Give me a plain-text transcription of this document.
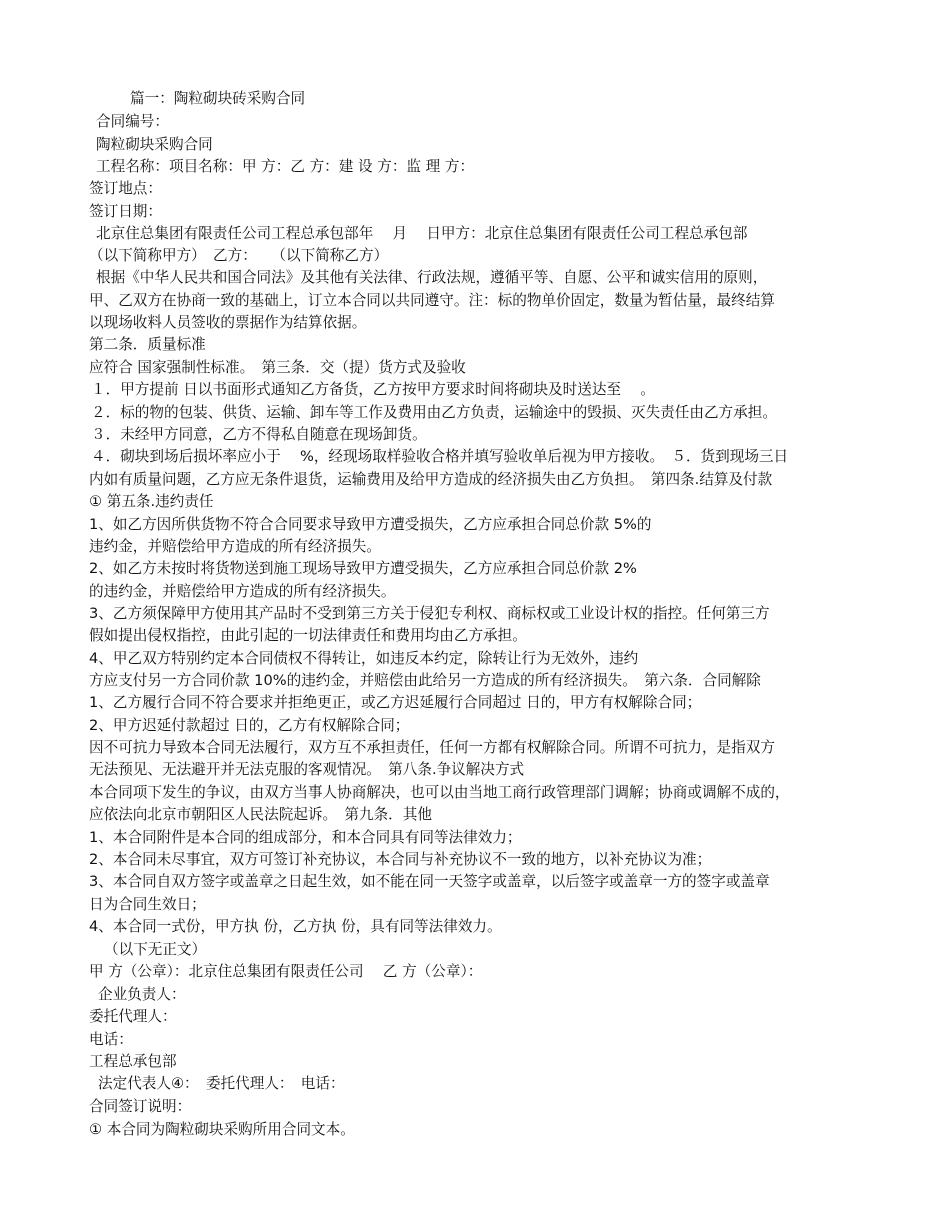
篇一：陶粒砌块砖采购合同
合同编号：
陶粒砌块采购合同
工程名称：项目名称：甲 方：乙 方：建 设 方：监 理 方：
签订地点：
签订日期：
北京住总集团有限责任公司工程总承包部年　 月　 日甲方：北京住总集团有限责任公司工程总承包部
（以下简称甲方）　乙方：　　（以下简称乙方）
根据《中华人民共和国合同法》及其他有关法律、行政法规，遵循平等、自愿、公平和诚实信用的原则，
甲、乙双方在协商一致的基础上，订立本合同以共同遵守。注：标的物单价固定，数量为暂估量，最终结算
以现场收料人员签收的票据作为结算依据。
第二条．质量标准
应符合 国家强制性标准。　第三条．交（提）货方式及验收
１．甲方提前 日以书面形式通知乙方备货，乙方按甲方要求时间将砌块及时送达至　 。
２．标的物的包装、供货、运输、卸车等工作及费用由乙方负责，运输途中的毁损、灭失责任由乙方承担。
３．未经甲方同意，乙方不得私自随意在现场卸货。
４．砌块到场后损坏率应小于　 %，经现场取样验收合格并填写验收单后视为甲方接收。　５．货到现场三日
内如有质量问题，乙方应无条件退货，运输费用及给甲方造成的经济损失由乙方负担。　第四条.结算及付款
① 第五条.违约责任
1、如乙方因所供货物不符合合同要求导致甲方遭受损失，乙方应承担合同总价款 5%的
违约金，并赔偿给甲方造成的所有经济损失。
2、如乙方未按时将货物送到施工现场导致甲方遭受损失，乙方应承担合同总价款 2%
的违约金，并赔偿给甲方造成的所有经济损失。
3、乙方须保障甲方使用其产品时不受到第三方关于侵犯专利权、商标权或工业设计权的指控。任何第三方
假如提出侵权指控，由此引起的一切法律责任和费用均由乙方承担。
4、甲乙双方特别约定本合同债权不得转让，如违反本约定，除转让行为无效外，违约
方应支付另一方合同价款 10%的违约金，并赔偿由此给另一方造成的所有经济损失。　第六条．合同解除
1、乙方履行合同不符合要求并拒绝更正，或乙方迟延履行合同超过 日的，甲方有权解除合同；
2、甲方迟延付款超过 日的，乙方有权解除合同；
因不可抗力导致本合同无法履行，双方互不承担责任，任何一方都有权解除合同。所谓不可抗力，是指双方
无法预见、无法避开并无法克服的客观情况。　第八条.争议解决方式
本合同项下发生的争议，由双方当事人协商解决，也可以由当地工商行政管理部门调解；协商或调解不成的，
应依法向北京市朝阳区人民法院起诉。　第九条．其他
1、本合同附件是本合同的组成部分，和本合同具有同等法律效力；
2、本合同未尽事宜，双方可签订补充协议，本合同与补充协议不一致的地方，以补充协议为准；
3、本合同自双方签字或盖章之日起生效，如不能在同一天签字或盖章，以后签字或盖章一方的签字或盖章
日为合同生效日；
4、本合同一式份，甲方执 份，乙方执 份，具有同等法律效力。
（以下无正文）
甲 方（公章）：北京住总集团有限责任公司　 乙 方（公章）：
企业负责人：
委托代理人：
电话：
工程总承包部
法定代表人④：　委托代理人：　电话：
合同签订说明：
① 本合同为陶粒砌块采购所用合同文本。
